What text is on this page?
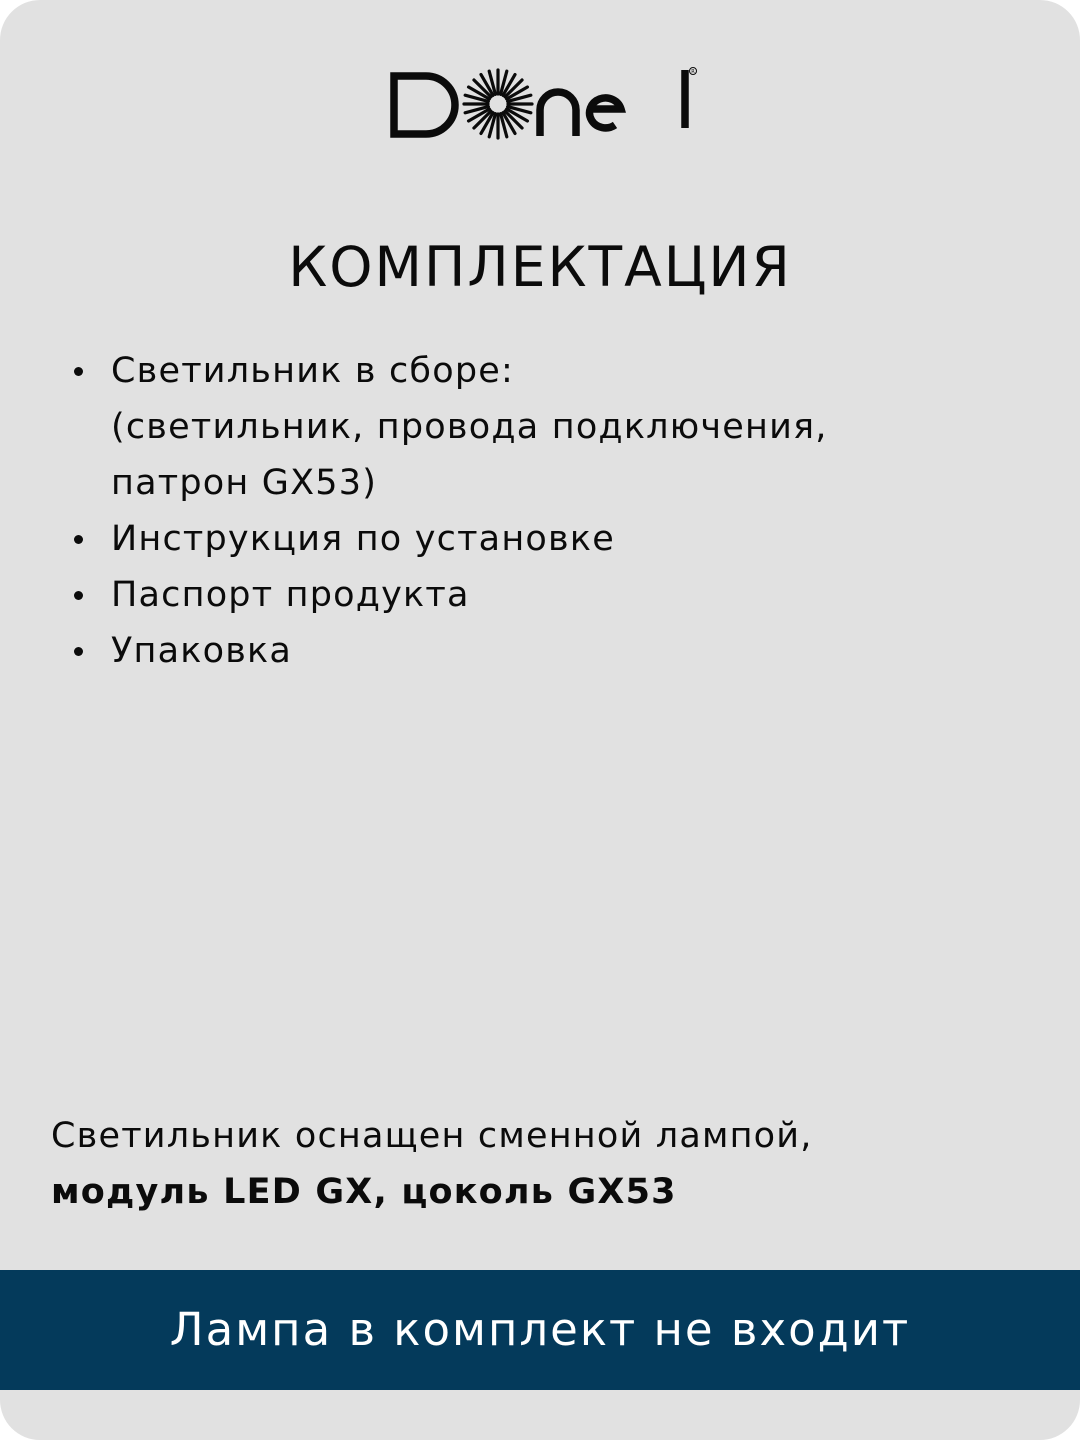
R
КОМПЛЕКТАЦИЯ
Светильник в сборе:
(светильник, провода подключения,
патрон GX53)
Инструкция по установке
Паспорт продукта
Упаковка
Светильник оснащен сменной лампой,
модуль LED GX, цоколь GX53
Лампа в комплект не входит
